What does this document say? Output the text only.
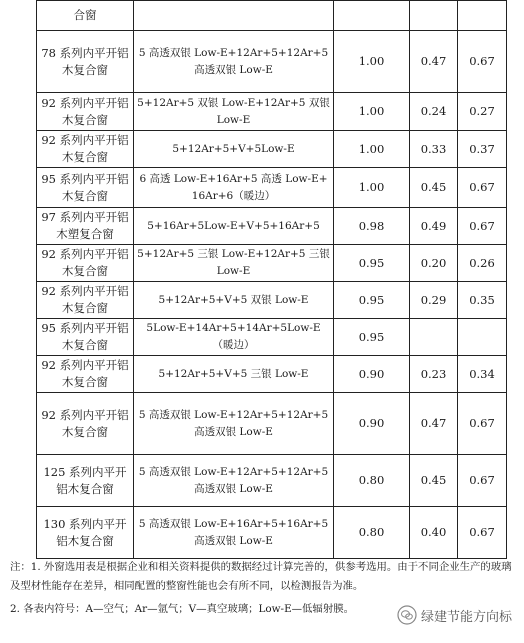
合窗				
78 系列内平开铝木复合窗	5 高透双银 Low-E+12Ar+5+12Ar+5 高透双银 Low-E	1.00	0.47	0.67
92 系列内平开铝木复合窗	5+12Ar+5 双银 Low-E+12Ar+5 双银 Low-E	1.00	0.24	0.27
92 系列内平开铝木复合窗	5+12Ar+5+V+5Low-E	1.00	0.33	0.37
95 系列内平开铝木复合窗	6 高透 Low-E+16Ar+5 高透 Low-E+16Ar+6（暖边）	1.00	0.45	0.67
97 系列内平开铝木塑复合窗	5+16Ar+5Low-E+V+5+16Ar+5	0.98	0.49	0.67
92 系列内平开铝木复合窗	5+12Ar+5 三银 Low-E+12Ar+5 三银 Low-E	0.95	0.20	0.26
92 系列内平开铝木复合窗	5+12Ar+5+V+5 双银 Low-E	0.95	0.29	0.35
95 系列内平开铝木复合窗	5Low-E+14Ar+5+14Ar+5Low-E（暖边）	0.95		
92 系列内平开铝木复合窗	5+12Ar+5+V+5 三银 Low-E	0.90	0.23	0.34
92 系列内平开铝木复合窗	5 高透双银 Low-E+12Ar+5+12Ar+5 高透双银 Low-E	0.90	0.47	0.67
125 系列内平开铝木复合窗	5 高透双银 Low-E+12Ar+5+12Ar+5 高透双银 Low-E	0.80	0.45	0.67
130 系列内平开铝木复合窗	5 高透双银 Low-E+16Ar+5+16Ar+5 高透双银 Low-E	0.80	0.40	0.67

注：1. 外窗选用表是根据企业和相关资料提供的数据经过计算完善的，供参考选用。由于不同企业生产的玻璃及型材性能存在差异，相同配置的整窗性能也会有所不同，以检测报告为准。

2. 各表内符号：A—空气；Ar—氩气；V—真空玻璃；Low-E—低辐射膜。
绿建节能方向标
